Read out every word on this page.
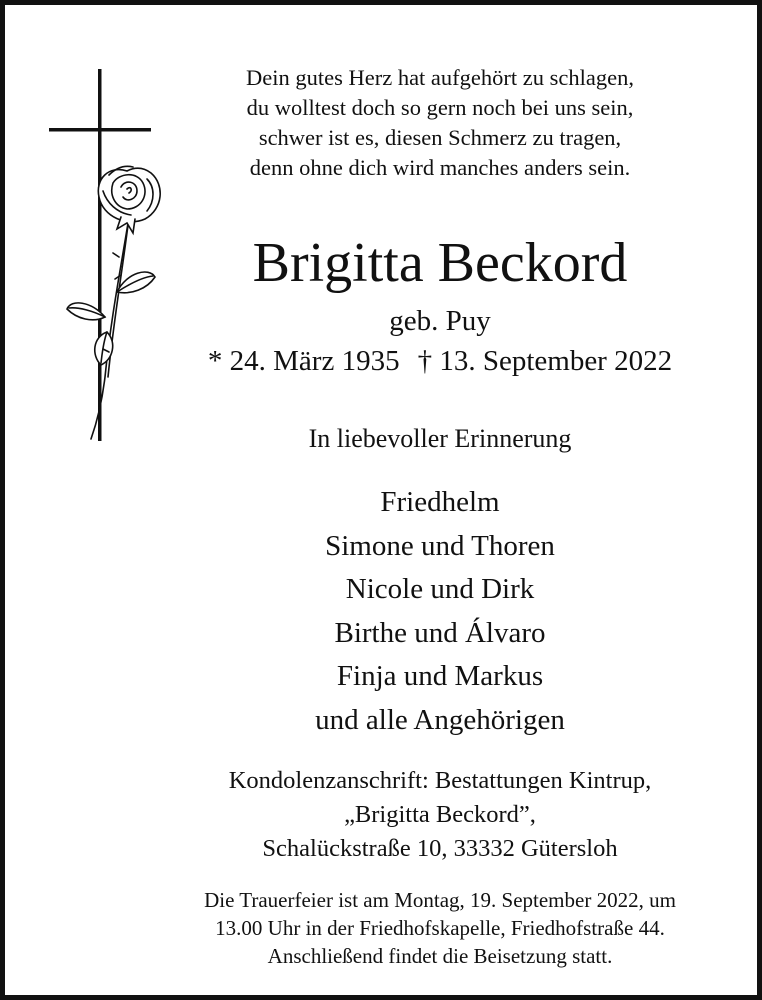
Dein gutes Herz hat aufgehört zu schlagen,
du wolltest doch so gern noch bei uns sein,
schwer ist es, diesen Schmerz zu tragen,
denn ohne dich wird manches anders sein.
Brigitta Beckord
geb. Puy
* 24. März 1935 † 13. September 2022
In liebevoller Erinnerung
Friedhelm
Simone und Thoren
Nicole und Dirk
Birthe und Álvaro
Finja und Markus
und alle Angehörigen
Kondolenzanschrift: Bestattungen Kintrup,
„Brigitta Beckord”,
Schalückstraße 10, 33332 Gütersloh
Die Trauerfeier ist am Montag, 19. September 2022, um
13.00 Uhr in der Friedhofskapelle, Friedhofstraße 44.
Anschließend findet die Beisetzung statt.
